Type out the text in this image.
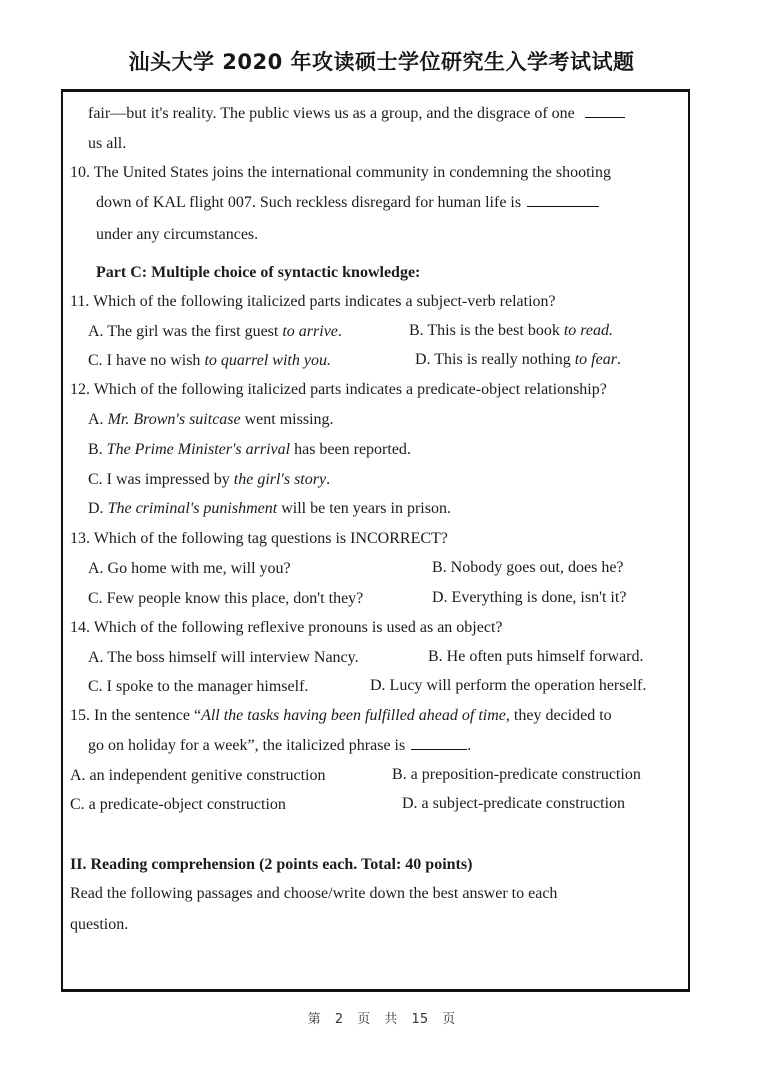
汕头大学 2020 年攻读硕士学位研究生入学考试试题
fair—but it's reality. The public views us as a group, and the disgrace of one
us all.
10. The United States joins the international community in condemning the shooting
down of KAL flight 007. Such reckless disregard for human life is
under any circumstances.
Part C: Multiple choice of syntactic knowledge:
11. Which of the following italicized parts indicates a subject-verb relation?
A. The girl was the first guest to arrive.	B. This is the best book to read.
C. I have no wish to quarrel with you.	D. This is really nothing to fear.
12. Which of the following italicized parts indicates a predicate-object relationship?
A. Mr. Brown's suitcase went missing.
B. The Prime Minister's arrival has been reported.
C. I was impressed by the girl's story.
D. The criminal's punishment will be ten years in prison.
13. Which of the following tag questions is INCORRECT?
A. Go home with me, will you?	B. Nobody goes out, does he?
C. Few people know this place, don't they?	D. Everything is done, isn't it?
14. Which of the following reflexive pronouns is used as an object?
A. The boss himself will interview Nancy.	B. He often puts himself forward.
C. I spoke to the manager himself.	D. Lucy will perform the operation herself.
15. In the sentence “All the tasks having been fulfilled ahead of time, they decided to
go on holiday for a week”, the italicized phrase is	.
A. an independent genitive construction	B. a preposition-predicate construction
C. a predicate-object construction	D. a subject-predicate construction
II. Reading comprehension (2 points each. Total: 40 points)
Read the following passages and choose/write down the best answer to each
question.
第 2 页 共 15 页
